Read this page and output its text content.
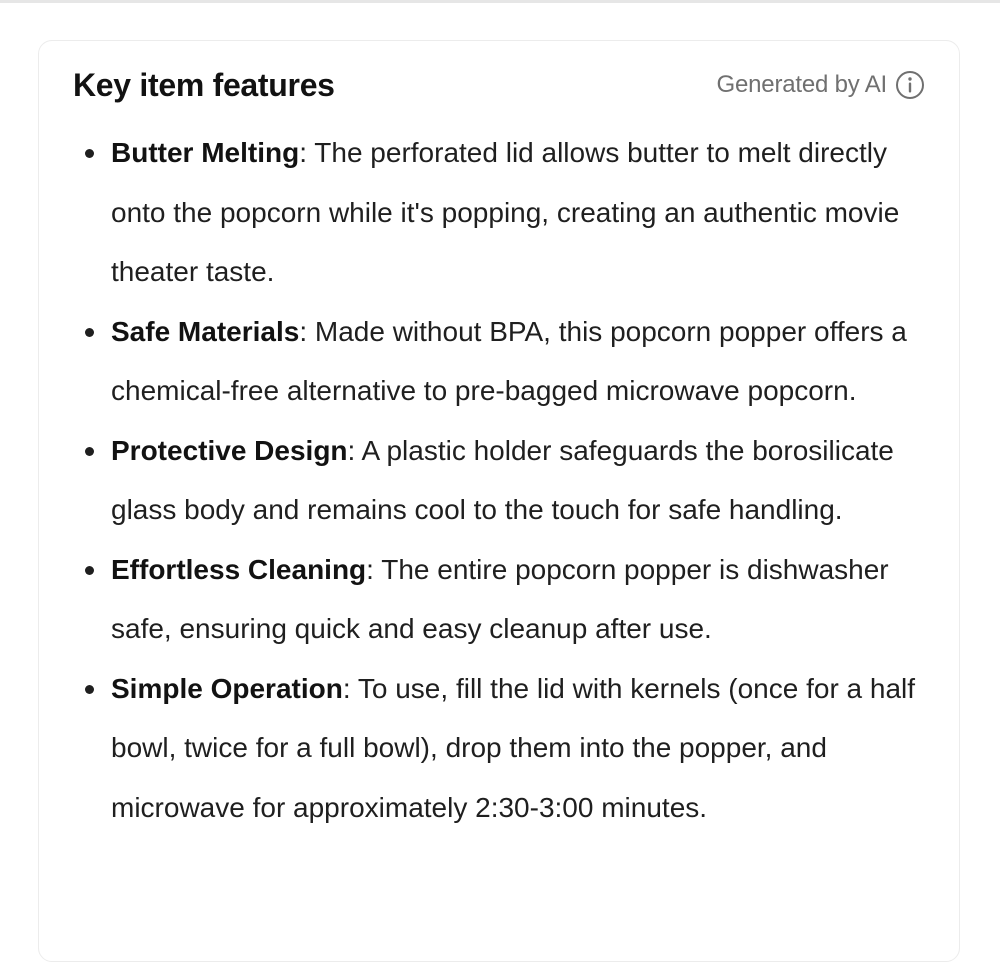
Key item features	Generated by AI
Butter Melting: The perforated lid allows butter to melt directly onto the popcorn while it's popping, creating an authentic movie theater taste.
Safe Materials: Made without BPA, this popcorn popper offers a chemical-free alternative to pre-bagged microwave popcorn.
Protective Design: A plastic holder safeguards the borosilicate glass body and remains cool to the touch for safe handling.
Effortless Cleaning: The entire popcorn popper is dishwasher safe, ensuring quick and easy cleanup after use.
Simple Operation: To use, fill the lid with kernels (once for a half bowl, twice for a full bowl), drop them into the popper, and microwave for approximately 2:30-3:00 minutes.
